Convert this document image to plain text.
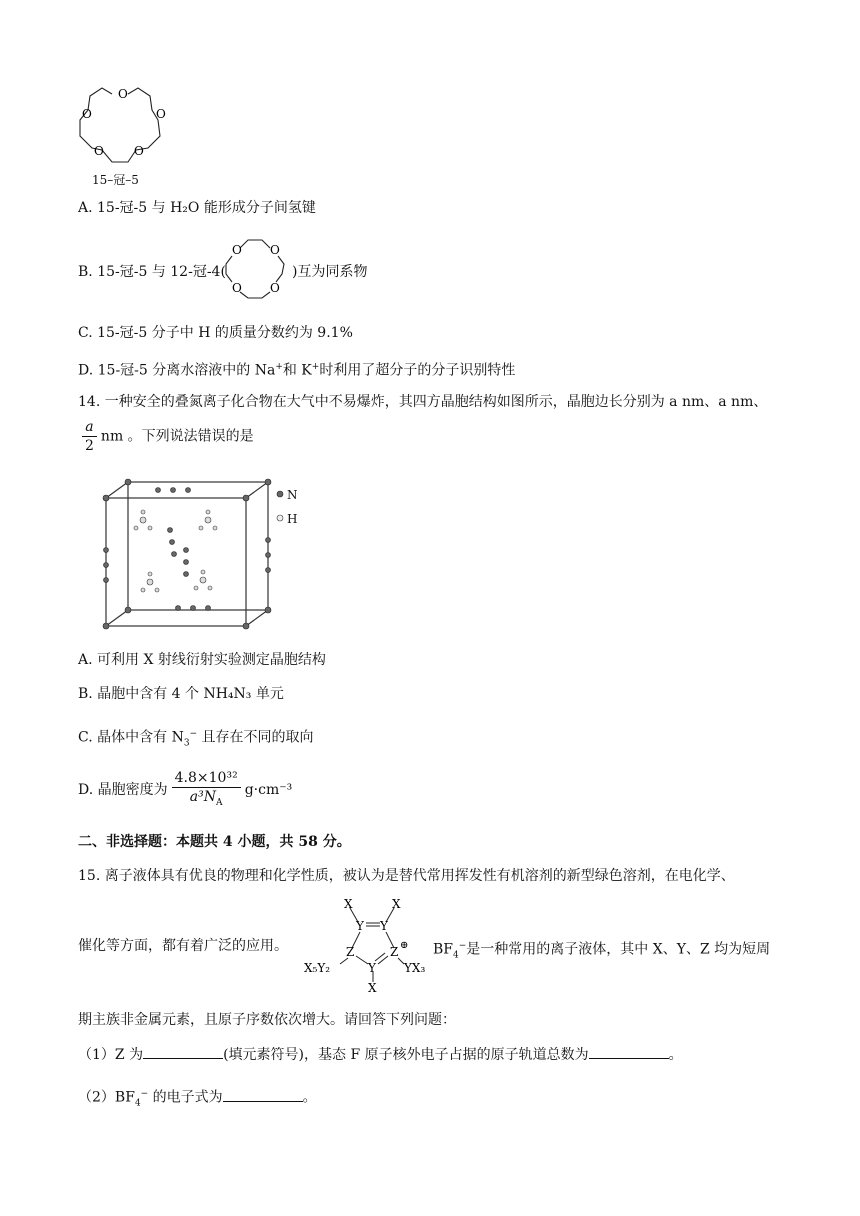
O
O	O
O	O
15–冠–5
A. 15-冠-5 与 H₂O 能形成分子间氢键
B. 15-冠-5 与 12-冠-4(
O O
O O
)互为同系物
C. 15-冠-5 分子中 H 的质量分数约为 9.1%
D. 15-冠-5 分离水溶液中的 Na+和 K+时利用了超分子的分子识别特性
14. 一种安全的叠氮离子化合物在大气中不易爆炸，其四方晶胞结构如图所示，晶胞边长分别为 a nm、a nm、
$\frac{a}{2}$ nm 。下列说法错误的是
N
H
A. 可利用 X 射线衍射实验测定晶胞结构
B. 晶胞中含有 4 个 NH₄N₃ 单元
C. 晶体中含有 $N_3^-$ 且存在不同的取向
D. 晶胞密度为 $\frac{\text{4.8×10³²}}{a^3N_A} g\cdot cm^{-3}$
二、非选择题：本题共 4 小题，共 58 分。
15. 离子液体具有优良的物理和化学性质，被认为是替代常用挥发性有机溶剂的新型绿色溶剂，在电化学、
催化等方面，都有着广泛的应用。
X	X
Y Y
Z	Z ⊕
Y
X
X₅Y₂	YX₃
$BF_4^-$是一种常用的离子液体，其中 X、Y、Z 均为短周
期主族非金属元素，且原子序数依次增大。请回答下列问题：
（1）Z 为	(填元素符号)，基态 F 原子核外电子占据的原子轨道总数为	。
$(2)BF_4^-$ 的电子式为	。
